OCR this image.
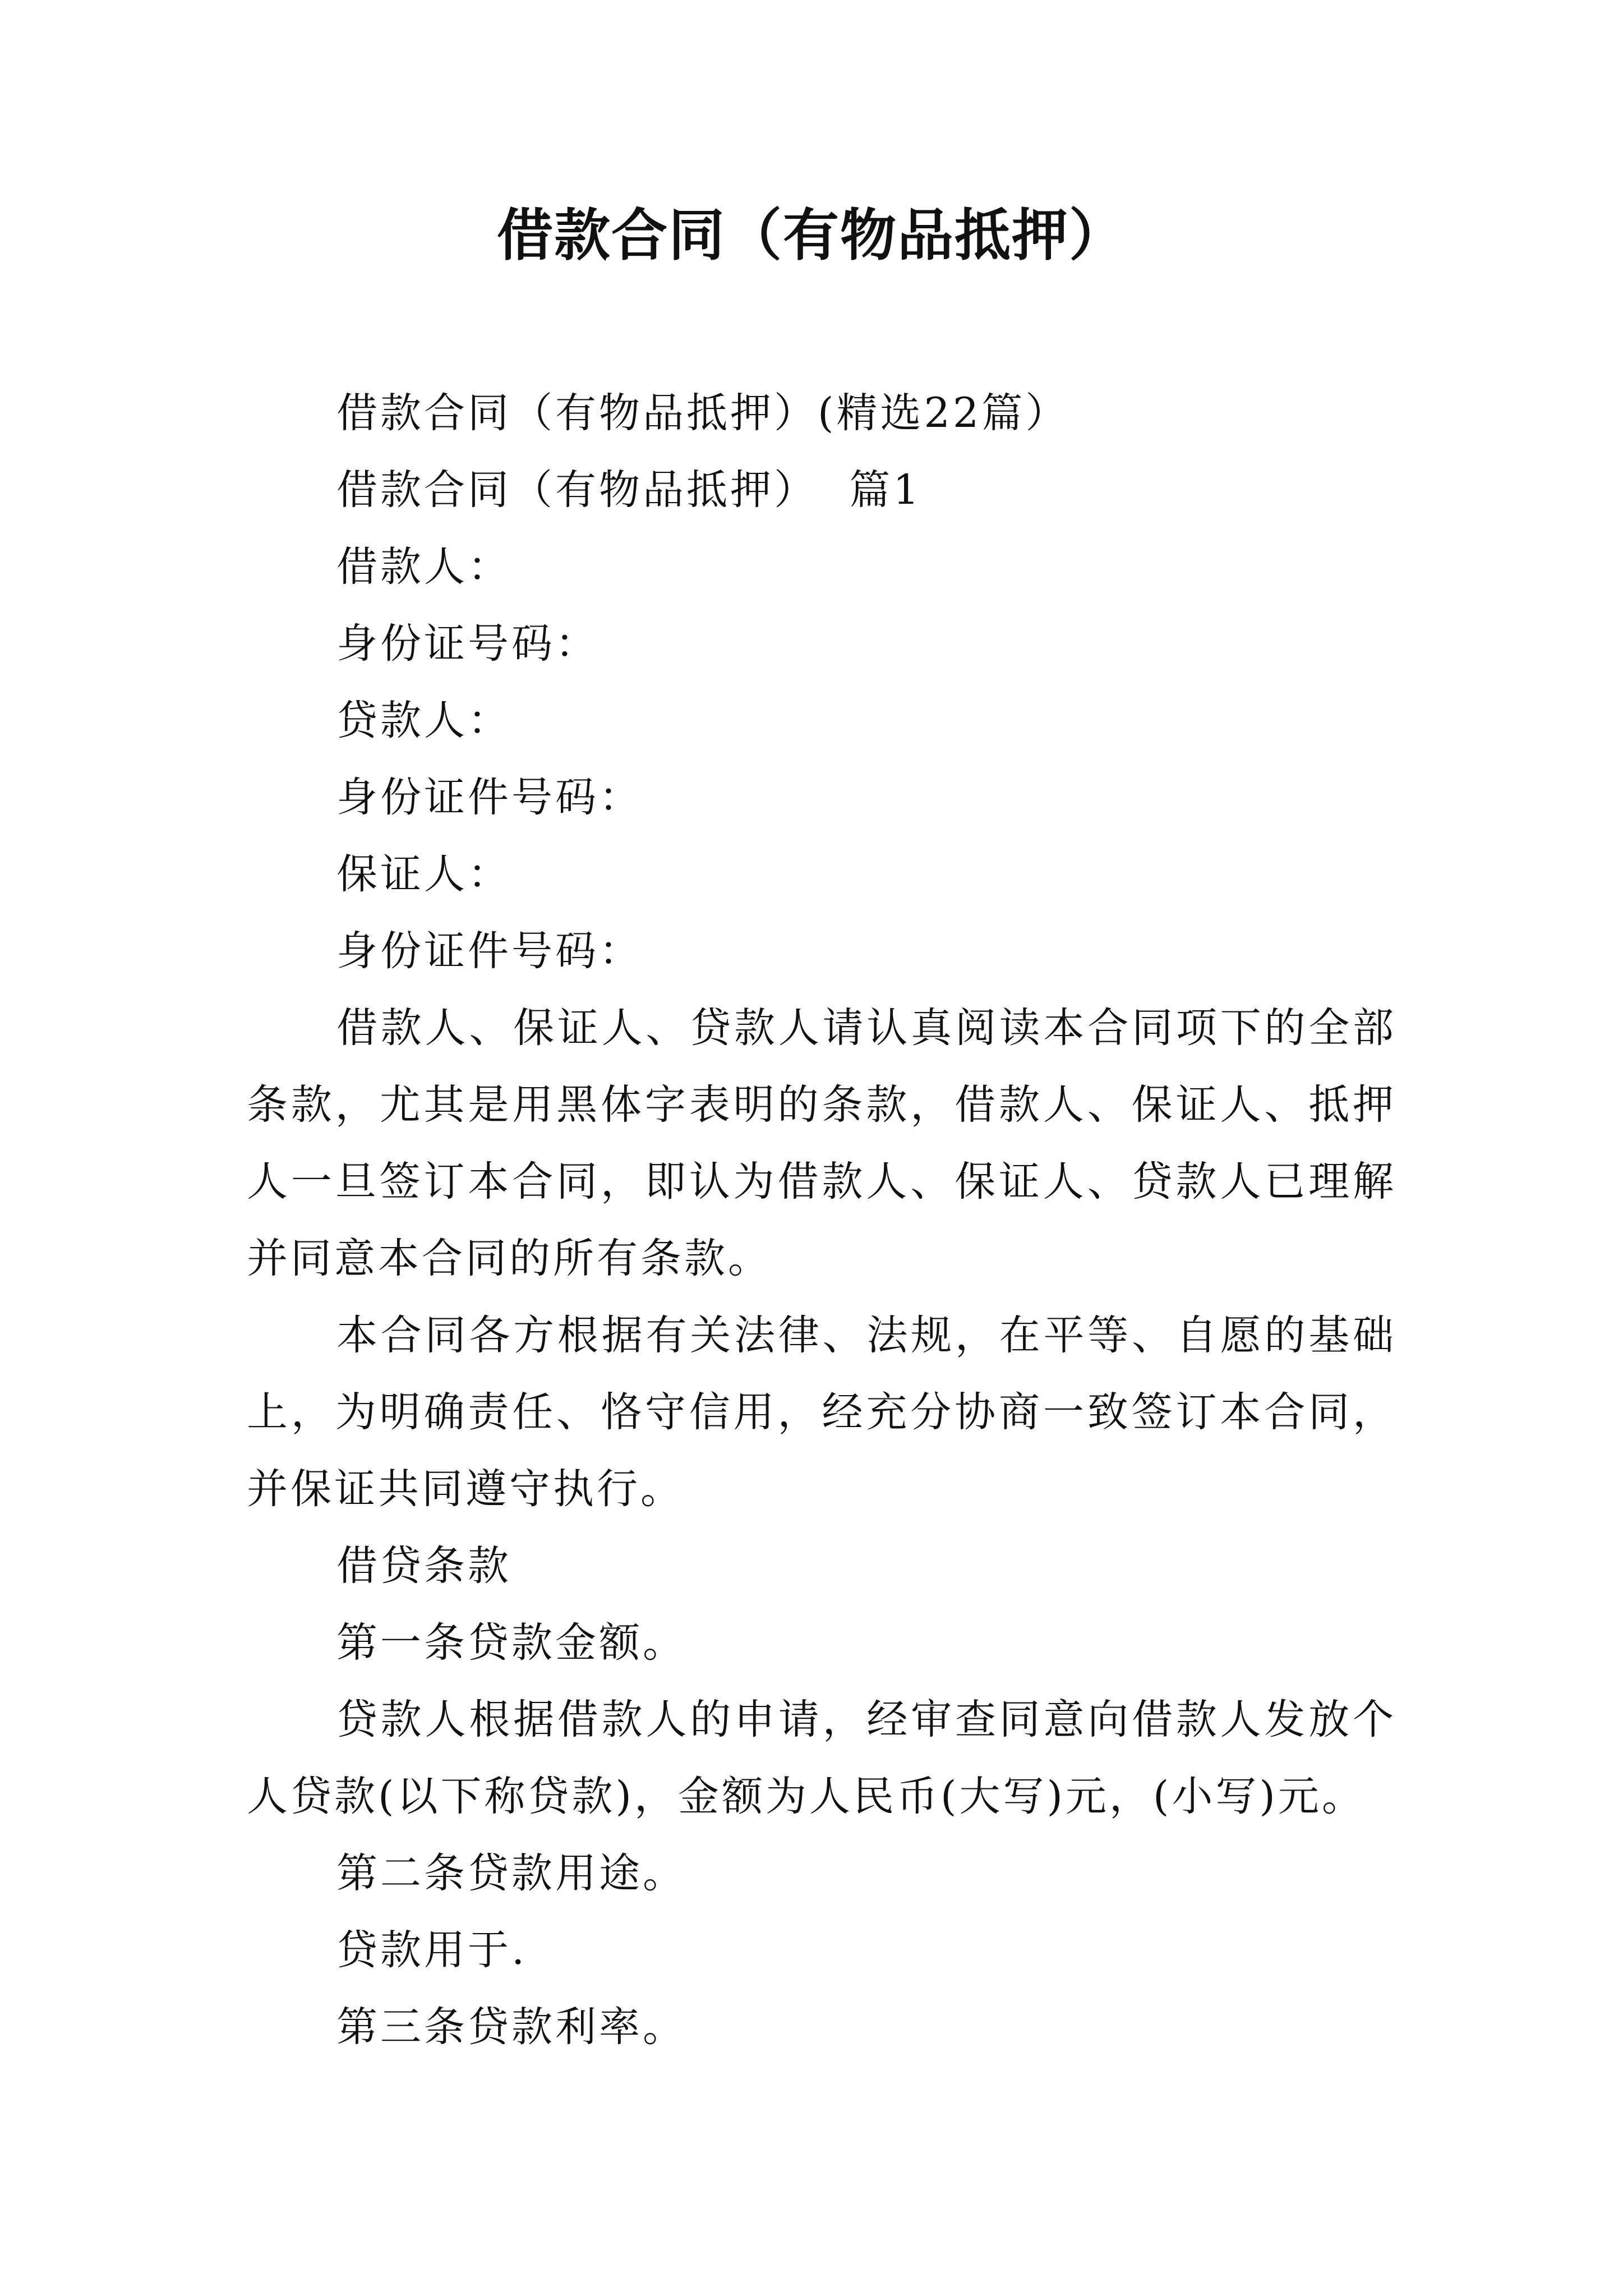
借款合同（有物品抵押）

借款合同（有物品抵押）(精选22篇）

借款合同（有物品抵押）  篇1

借款人：

身份证号码：

贷款人：

身份证件号码：

保证人：

身份证件号码：

借款人、保证人、贷款人请认真阅读本合同项下的全部条款，尤其是用黑体字表明的条款，借款人、保证人、抵押人一旦签订本合同，即认为借款人、保证人、贷款人已理解并同意本合同的所有条款。

本合同各方根据有关法律、法规，在平等、自愿的基础上，为明确责任、恪守信用，经充分协商一致签订本合同，并保证共同遵守执行。

借贷条款

第一条贷款金额。

贷款人根据借款人的申请，经审查同意向借款人发放个人贷款(以下称贷款)，金额为人民币(大写)元，(小写)元。

第二条贷款用途。

贷款用于.

第三条贷款利率。
